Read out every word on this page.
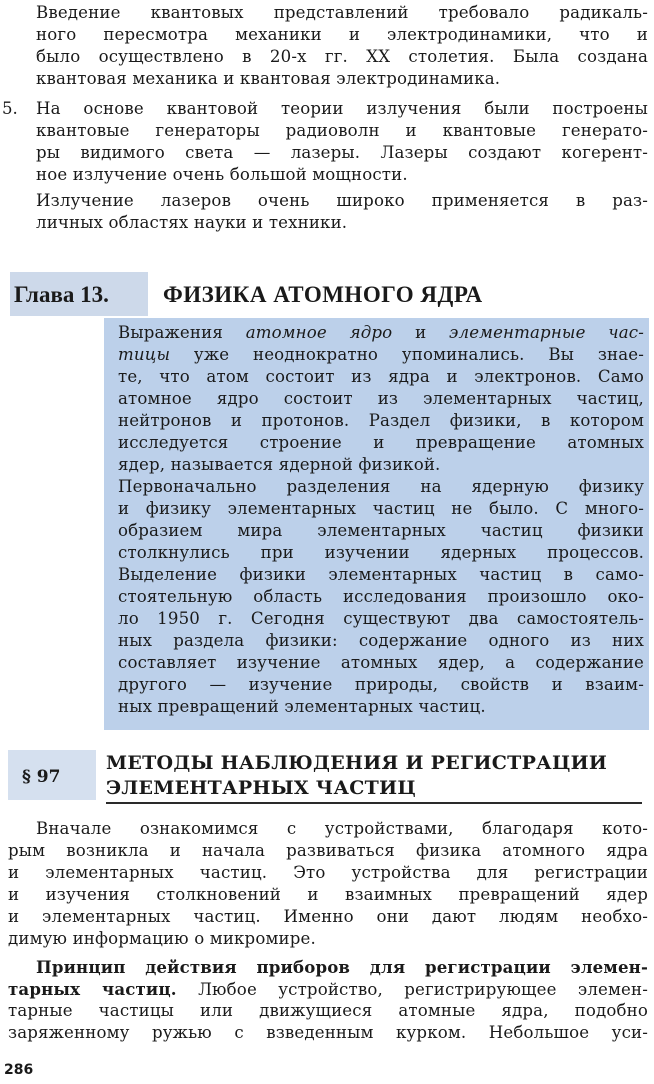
Введение квантовых представлений требовало радикаль-
ного пересмотра механики и электродинамики, что и
было осуществлено в 20-х гг. XX столетия. Была создана
квантовая механика и квантовая электродинамика.
5. На основе квантовой теории излучения были построены
квантовые генераторы радиоволн и квантовые генерато-
ры видимого света — лазеры. Лазеры создают когерент-
ное излучение очень большой мощности.
Излучение лазеров очень широко применяется в раз-
личных областях науки и техники.
Глава 13. ФИЗИКА АТОМНОГО ЯДРА
Выражения атомное ядро и элементарные час-
тицы уже неоднократно упоминались. Вы знае-
те, что атом состоит из ядра и электронов. Само
атомное ядро состоит из элементарных частиц,
нейтронов и протонов. Раздел физики, в котором
исследуется строение и превращение атомных
ядер, называется ядерной физикой.
Первоначально разделения на ядерную физику
и физику элементарных частиц не было. С много-
образием мира элементарных частиц физики
столкнулись при изучении ядерных процессов.
Выделение физики элементарных частиц в само-
стоятельную область исследования произошло око-
ло 1950 г. Сегодня существуют два самостоятель-
ных раздела физики: содержание одного из них
составляет изучение атомных ядер, а содержание
другого — изучение природы, свойств и взаим-
ных превращений элементарных частиц.
§ 97
МЕТОДЫ НАБЛЮДЕНИЯ И РЕГИСТРАЦИИ
ЭЛЕМЕНТАРНЫХ ЧАСТИЦ
Вначале ознакомимся с устройствами, благодаря кото-
рым возникла и начала развиваться физика атомного ядра
и элементарных частиц. Это устройства для регистрации
и изучения столкновений и взаимных превращений ядер
и элементарных частиц. Именно они дают людям необхо-
димую информацию о микромире.
Принцип действия приборов для регистрации элемен-
тарных частиц. Любое устройство, регистрирующее элемен-
тарные частицы или движущиеся атомные ядра, подобно
заряженному ружью с взведенным курком. Небольшое уси-
286
